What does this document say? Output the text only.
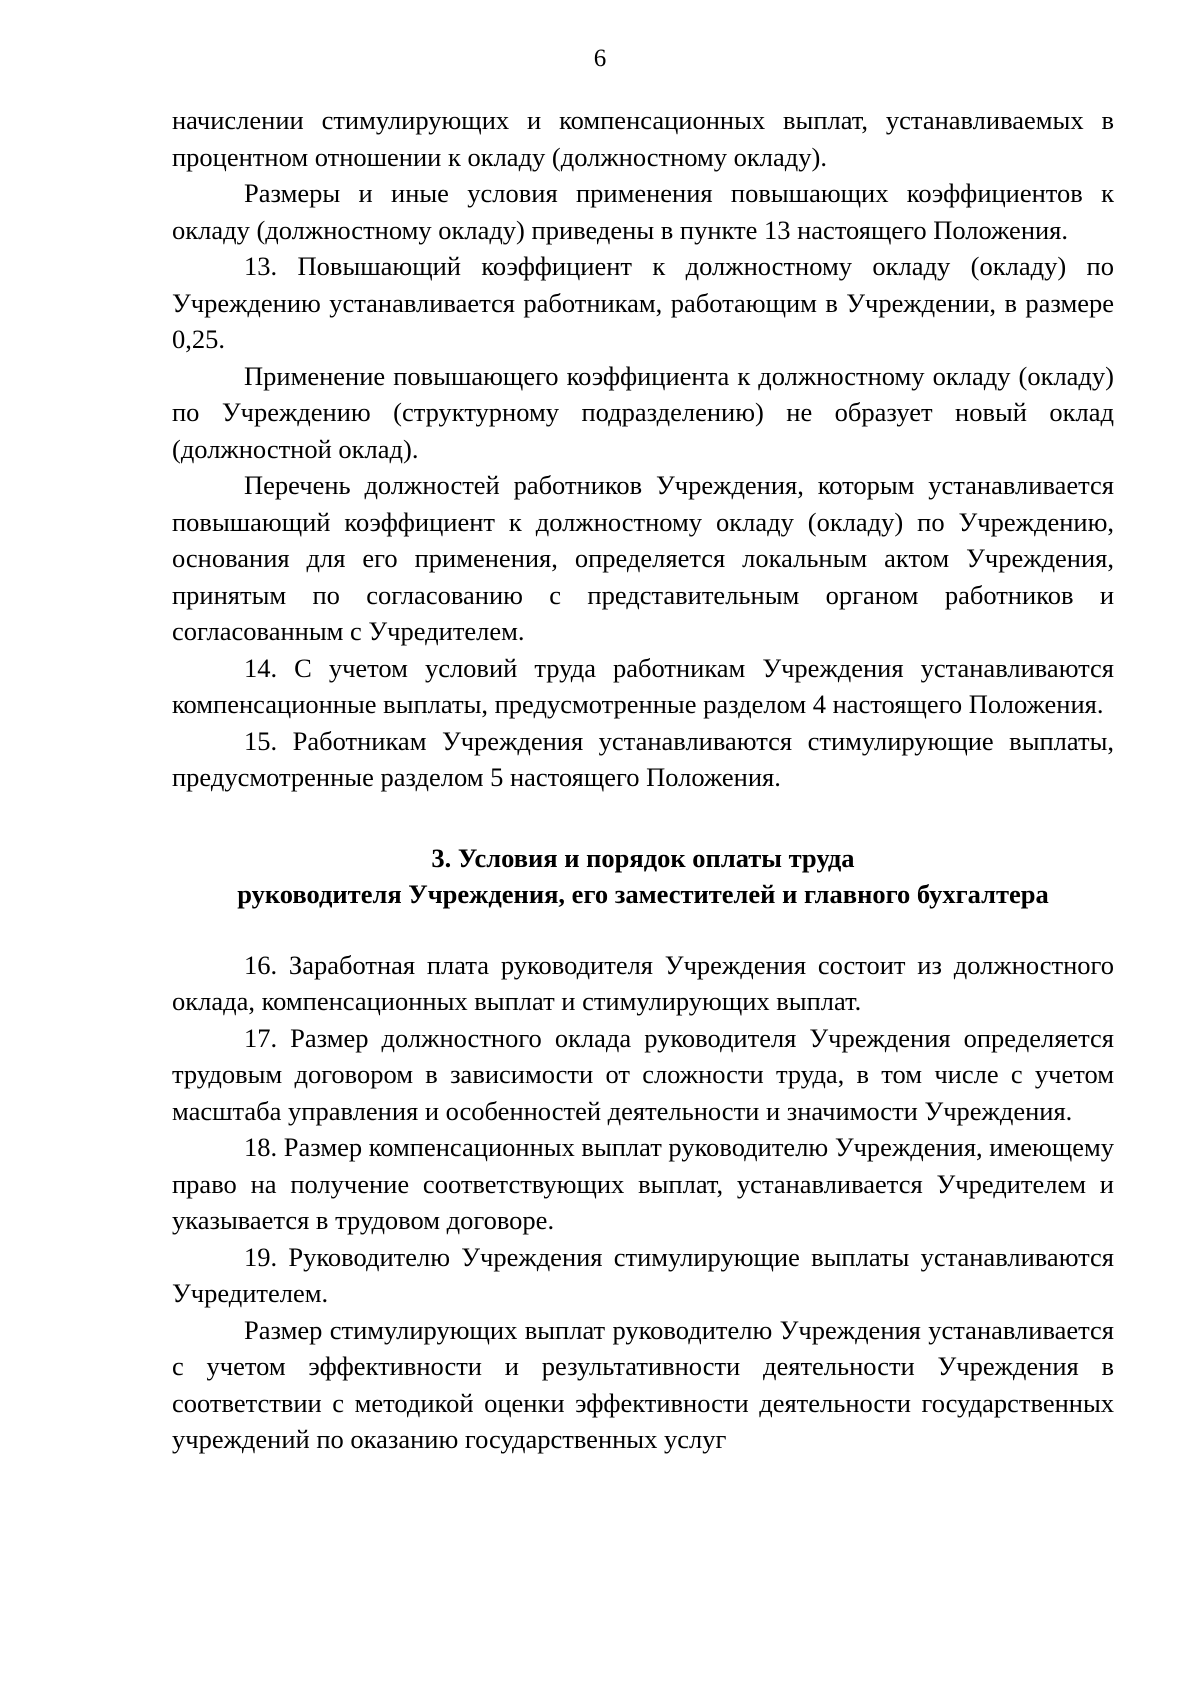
6

начислении стимулирующих и компенсационных выплат, устанавливаемых в процентном отношении к окладу (должностному окладу).

Размеры и иные условия применения повышающих коэффициентов к окладу (должностному окладу) приведены в пункте 13 настоящего Положения.

13. Повышающий коэффициент к должностному окладу (окладу) по Учреждению устанавливается работникам, работающим в Учреждении, в размере 0,25.

Применение повышающего коэффициента к должностному окладу (окладу) по Учреждению (структурному подразделению) не образует новый оклад (должностной оклад).

Перечень должностей работников Учреждения, которым устанавливается повышающий коэффициент к должностному окладу (окладу) по Учреждению, основания для его применения, определяется локальным актом Учреждения, принятым по согласованию с представительным органом работников и согласованным с Учредителем.

14. С учетом условий труда работникам Учреждения устанавливаются компенсационные выплаты, предусмотренные разделом 4 настоящего Положения.

15. Работникам Учреждения устанавливаются стимулирующие выплаты, предусмотренные разделом 5 настоящего Положения.

3. Условия и порядок оплаты труда
руководителя Учреждения, его заместителей и главного бухгалтера

16. Заработная плата руководителя Учреждения состоит из должностного оклада, компенсационных выплат и стимулирующих выплат.

17. Размер должностного оклада руководителя Учреждения определяется трудовым договором в зависимости от сложности труда, в том числе с учетом масштаба управления и особенностей деятельности и значимости Учреждения.

18. Размер компенсационных выплат руководителю Учреждения, имеющему право на получение соответствующих выплат, устанавливается Учредителем и указывается в трудовом договоре.

19. Руководителю Учреждения стимулирующие выплаты устанавливаются Учредителем.

Размер стимулирующих выплат руководителю Учреждения устанавливается с учетом эффективности и результативности деятельности Учреждения в соответствии с методикой оценки эффективности деятельности государственных учреждений по оказанию государственных услуг
